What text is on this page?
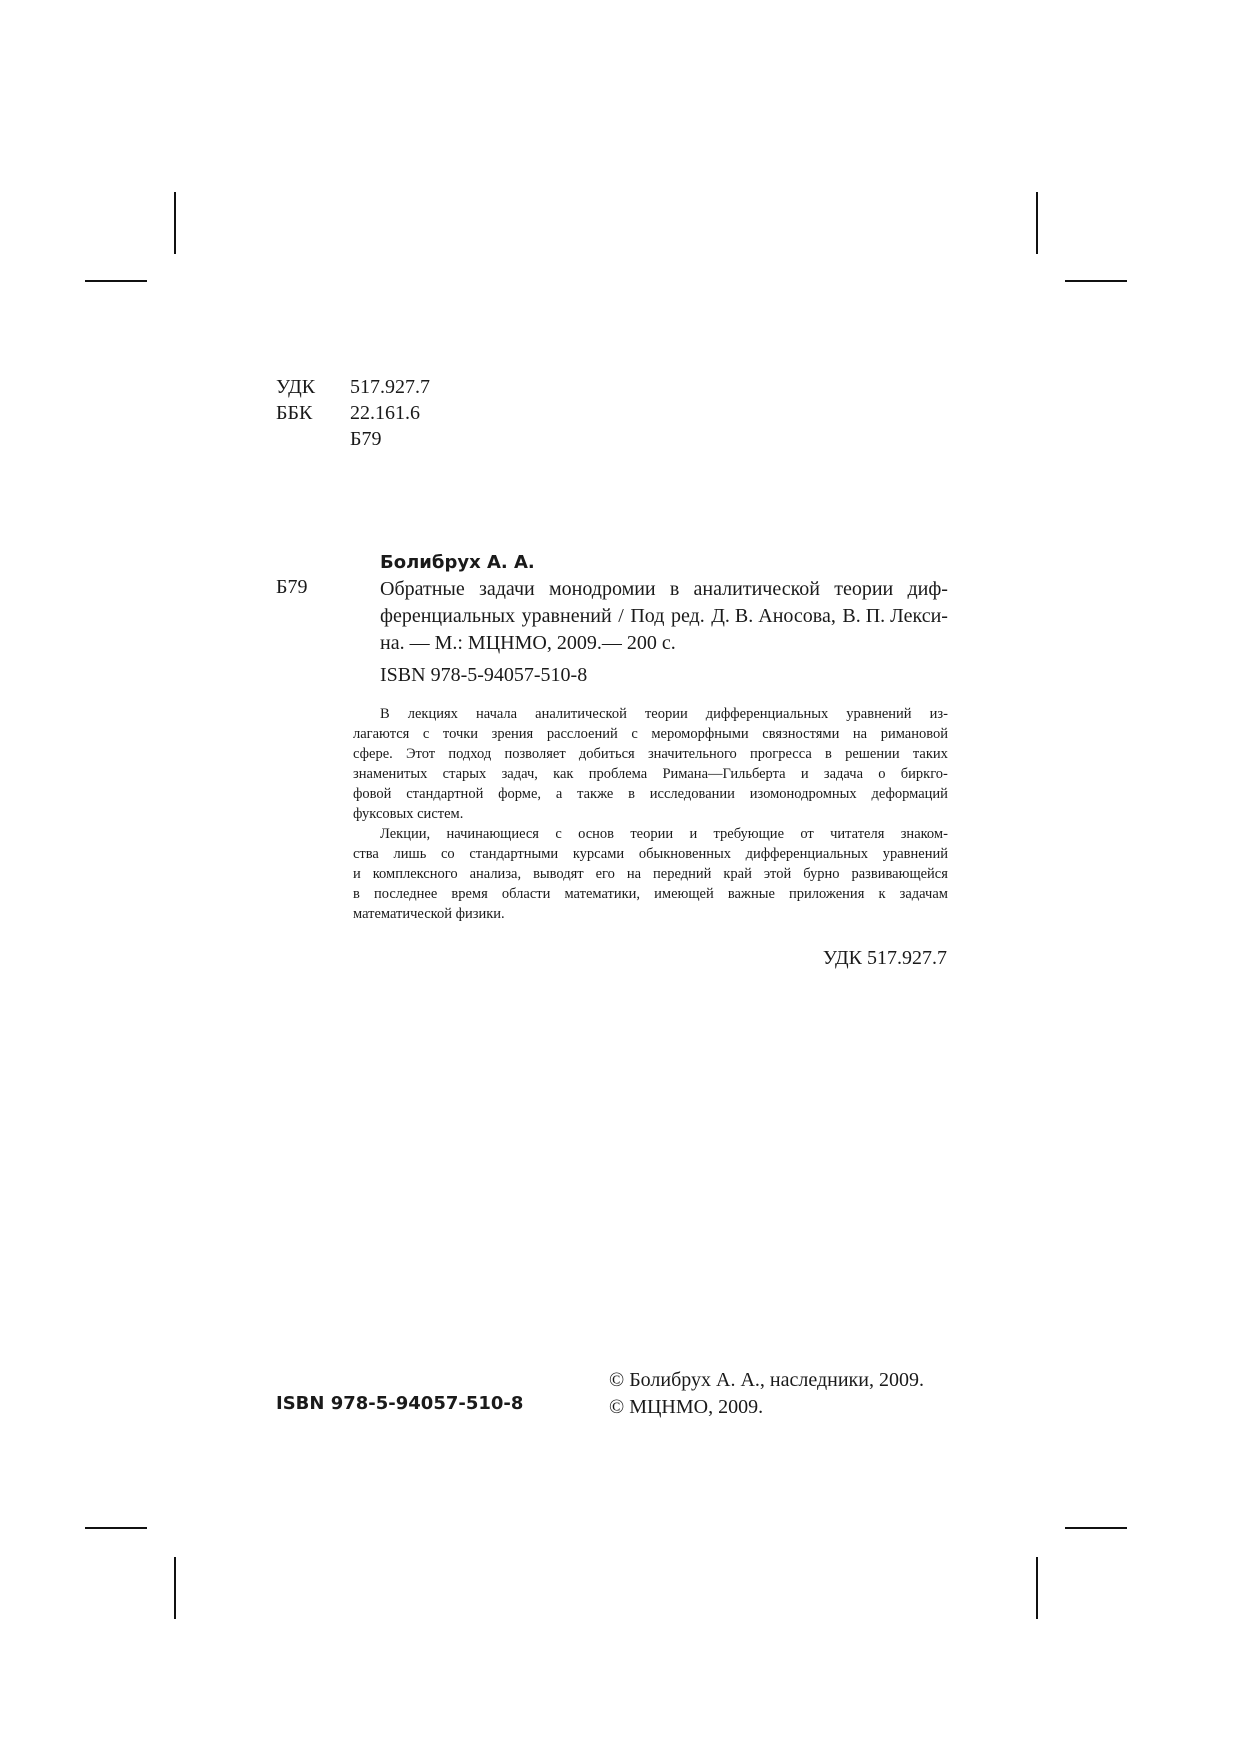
УДК	517.927.7
ББК	22.161.6
Б79
Болибрух А. А.
Б79	Обратные задачи монодромии в аналитической теории диф-
ференциальных уравнений / Под ред. Д. В. Аносова, В. П. Лекси-
на. — М.: МЦНМО, 2009.— 200 с.
ISBN 978-5-94057-510-8
В лекциях начала аналитической теории дифференциальных уравнений из-
лагаются с точки зрения расслоений с мероморфными связностями на римановой
сфере. Этот подход позволяет добиться значительного прогресса в решении таких
знаменитых старых задач, как проблема Римана—Гильберта и задача о биркго-
фовой стандартной форме, а также в исследовании изомонодромных деформаций
фуксовых систем.
Лекции, начинающиеся с основ теории и требующие от читателя знаком-
ства лишь со стандартными курсами обыкновенных дифференциальных уравнений
и комплексного анализа, выводят его на передний край этой бурно развивающейся
в последнее время области математики, имеющей важные приложения к задачам
математической физики.
УДК 517.927.7
ISBN 978-5-94057-510-8
© Болибрух А. А., наследники, 2009.
© МЦНМО, 2009.
